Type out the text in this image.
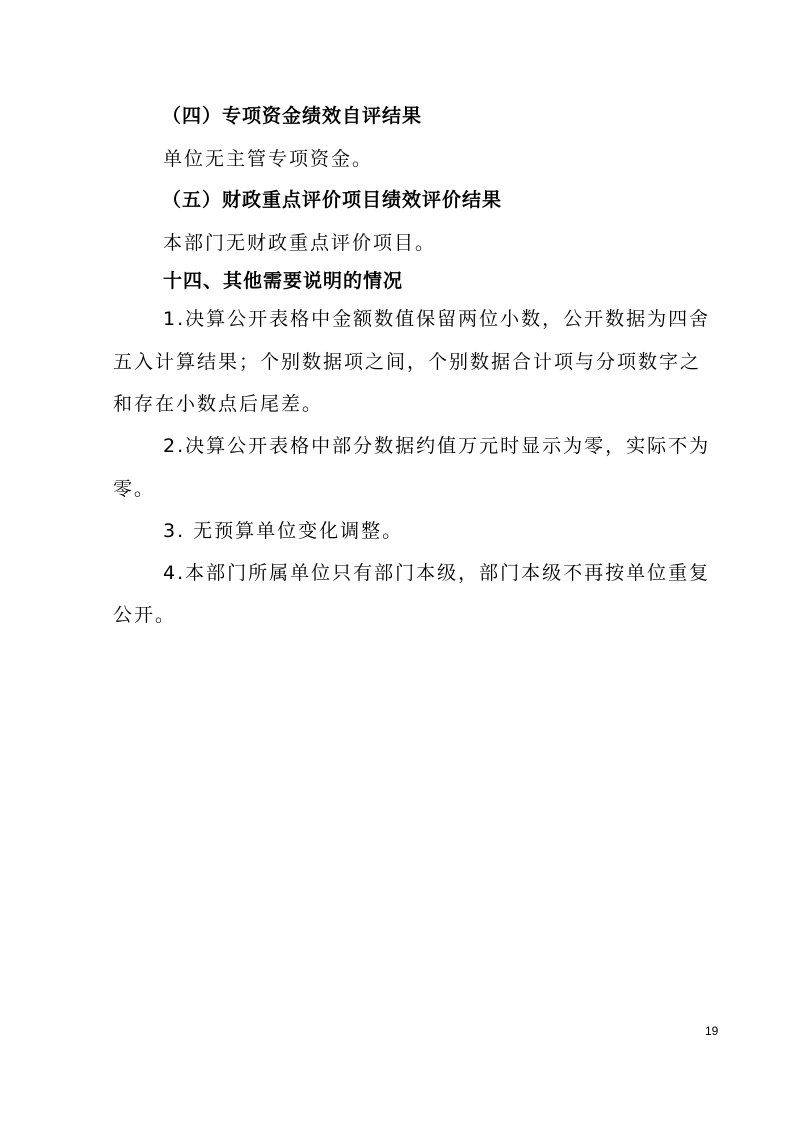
（四）专项资金绩效自评结果
单位无主管专项资金。
（五）财政重点评价项目绩效评价结果
本部门无财政重点评价项目。
十四、其他需要说明的情况
1.决算公开表格中金额数值保留两位小数，公开数据为四舍
五入计算结果；个别数据项之间，个别数据合计项与分项数字之
和存在小数点后尾差。
2.决算公开表格中部分数据约值万元时显示为零，实际不为
零。
3. 无预算单位变化调整。
4.本部门所属单位只有部门本级，部门本级不再按单位重复
公开。
19
